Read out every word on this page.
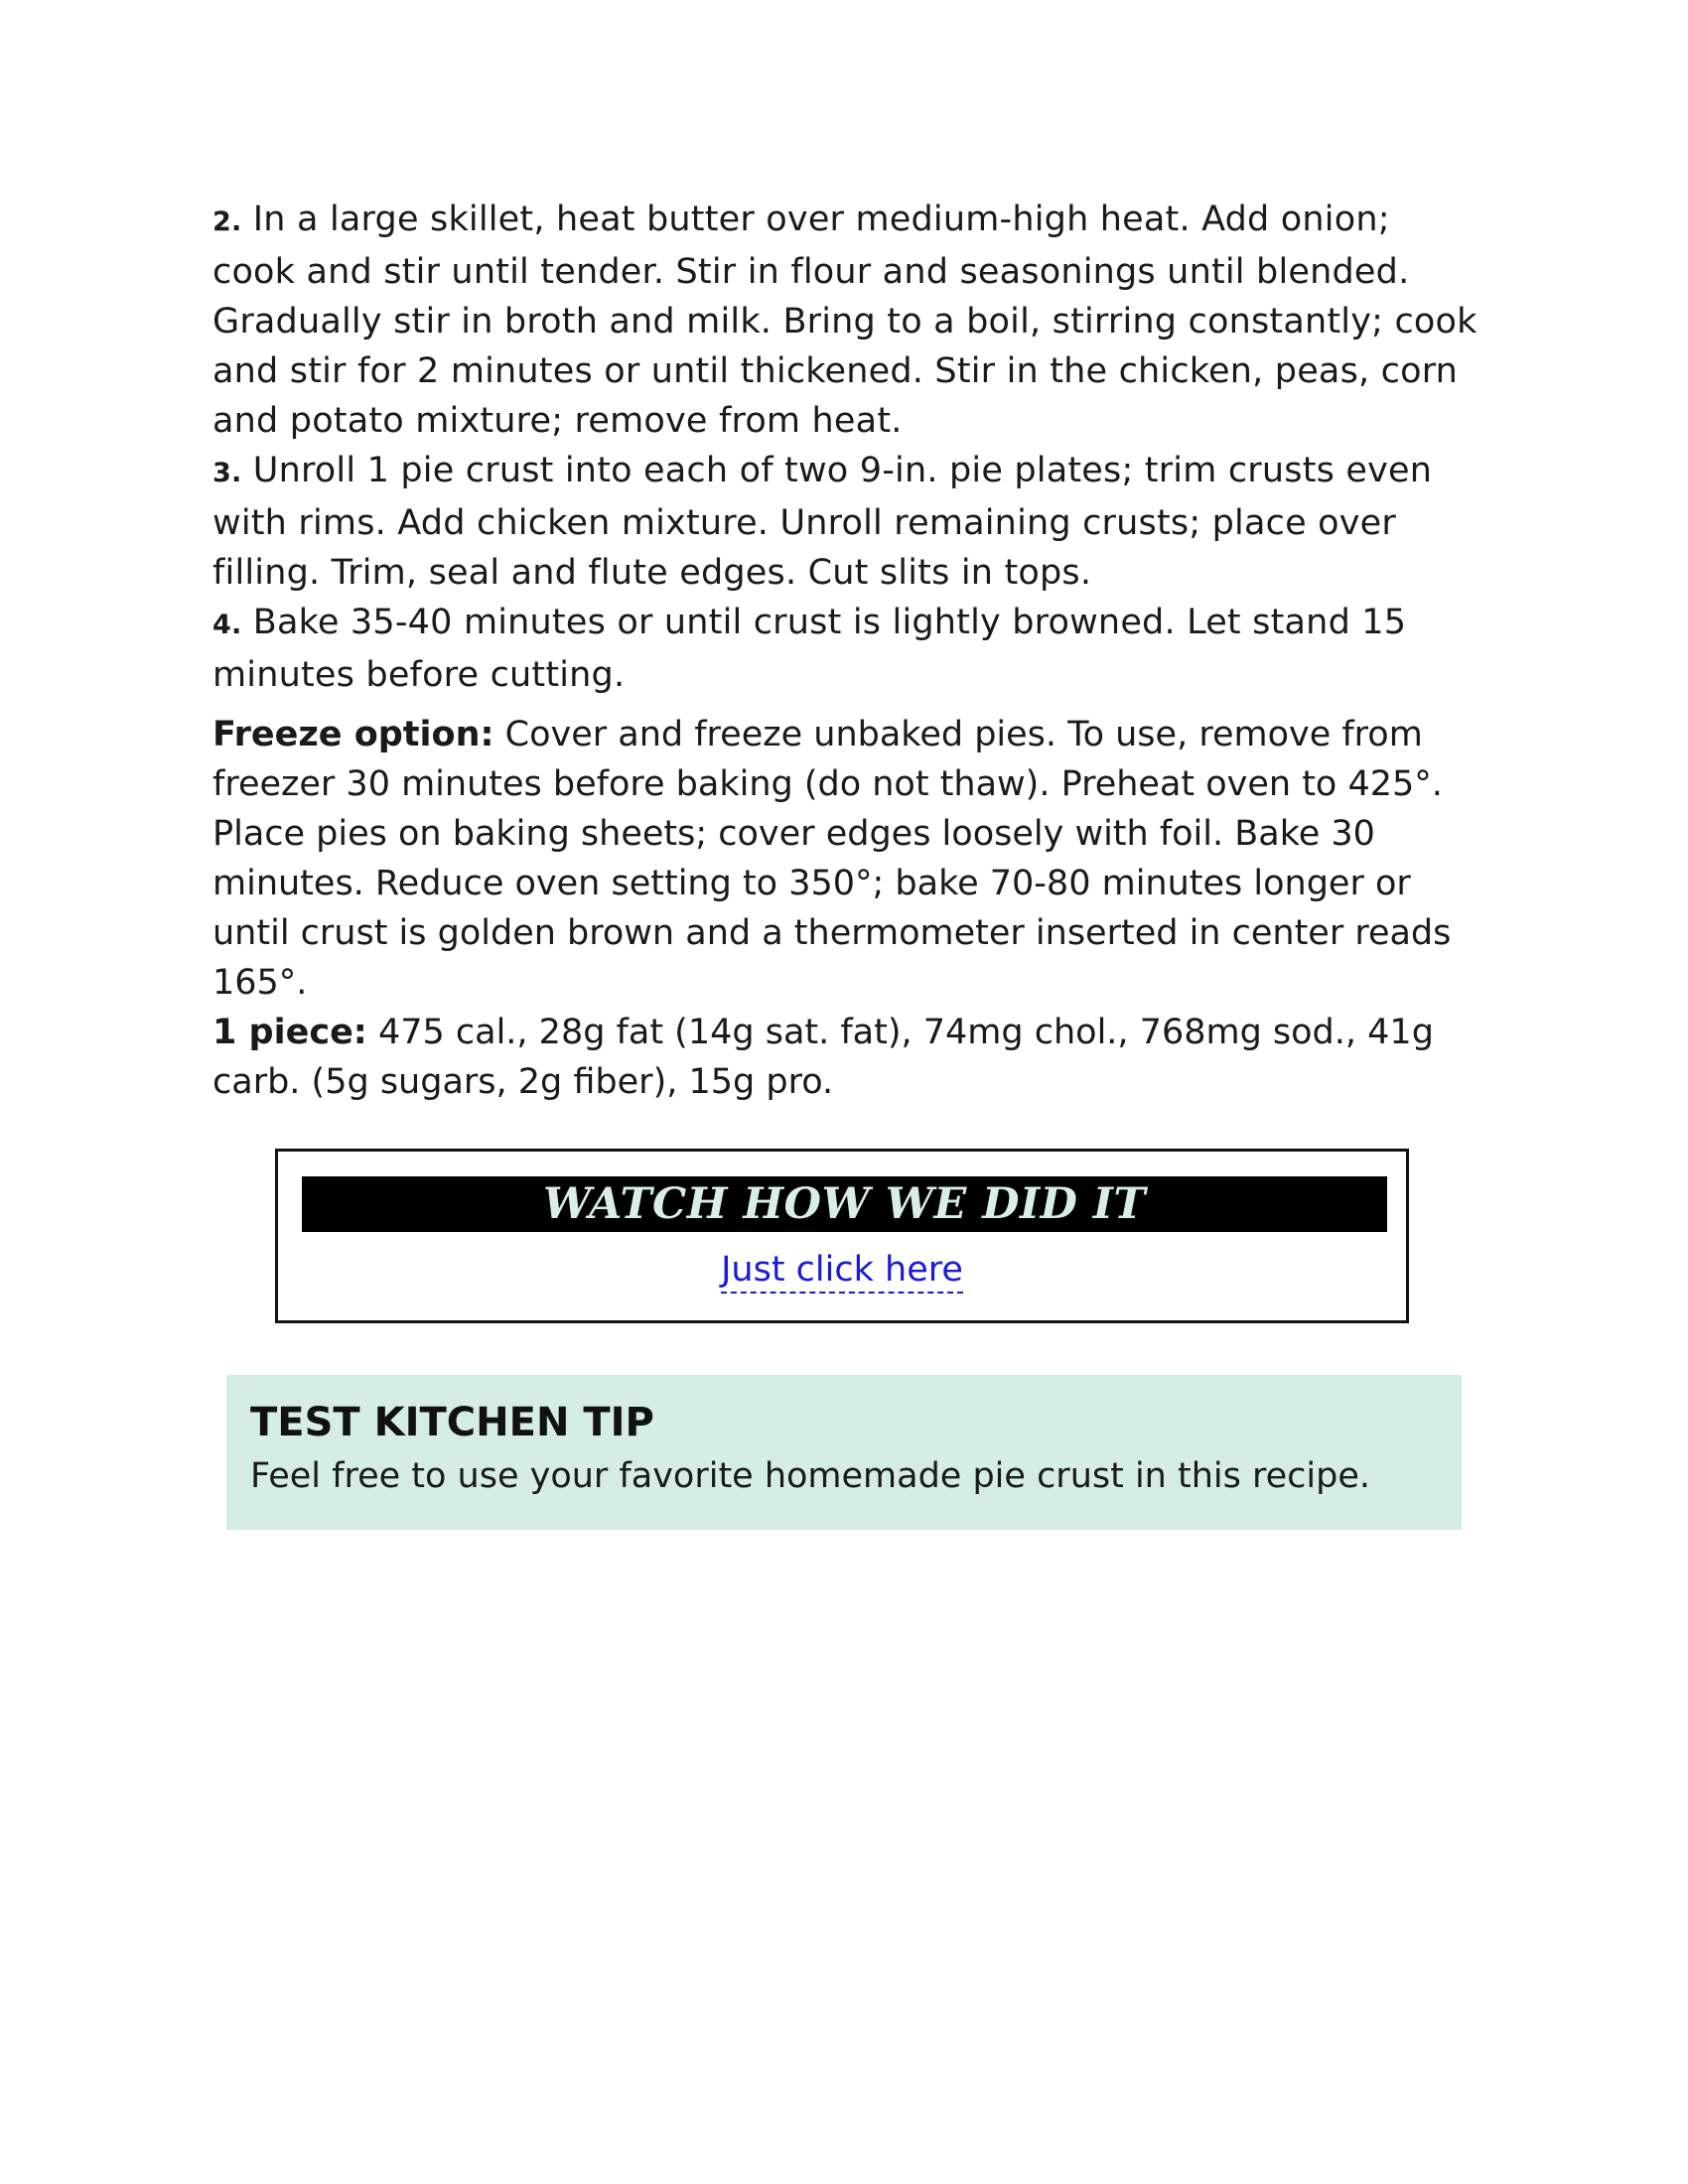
2. In a large skillet, heat butter over medium-high heat. Add onion; cook and stir until tender. Stir in flour and seasonings until blended. Gradually stir in broth and milk. Bring to a boil, stirring constantly; cook and stir for 2 minutes or until thickened. Stir in the chicken, peas, corn and potato mixture; remove from heat.

3. Unroll 1 pie crust into each of two 9-in. pie plates; trim crusts even with rims. Add chicken mixture. Unroll remaining crusts; place over filling. Trim, seal and flute edges. Cut slits in tops.

4. Bake 35-40 minutes or until crust is lightly browned. Let stand 15 minutes before cutting.

Freeze option: Cover and freeze unbaked pies. To use, remove from freezer 30 minutes before baking (do not thaw). Preheat oven to 425°. Place pies on baking sheets; cover edges loosely with foil. Bake 30 minutes. Reduce oven setting to 350°; bake 70-80 minutes longer or until crust is golden brown and a thermometer inserted in center reads 165°.

1 piece: 475 cal., 28g fat (14g sat. fat), 74mg chol., 768mg sod., 41g carb. (5g sugars, 2g fiber), 15g pro.

WATCH HOW WE DID IT
Just click here

TEST KITCHEN TIP

Feel free to use your favorite homemade pie crust in this recipe.
